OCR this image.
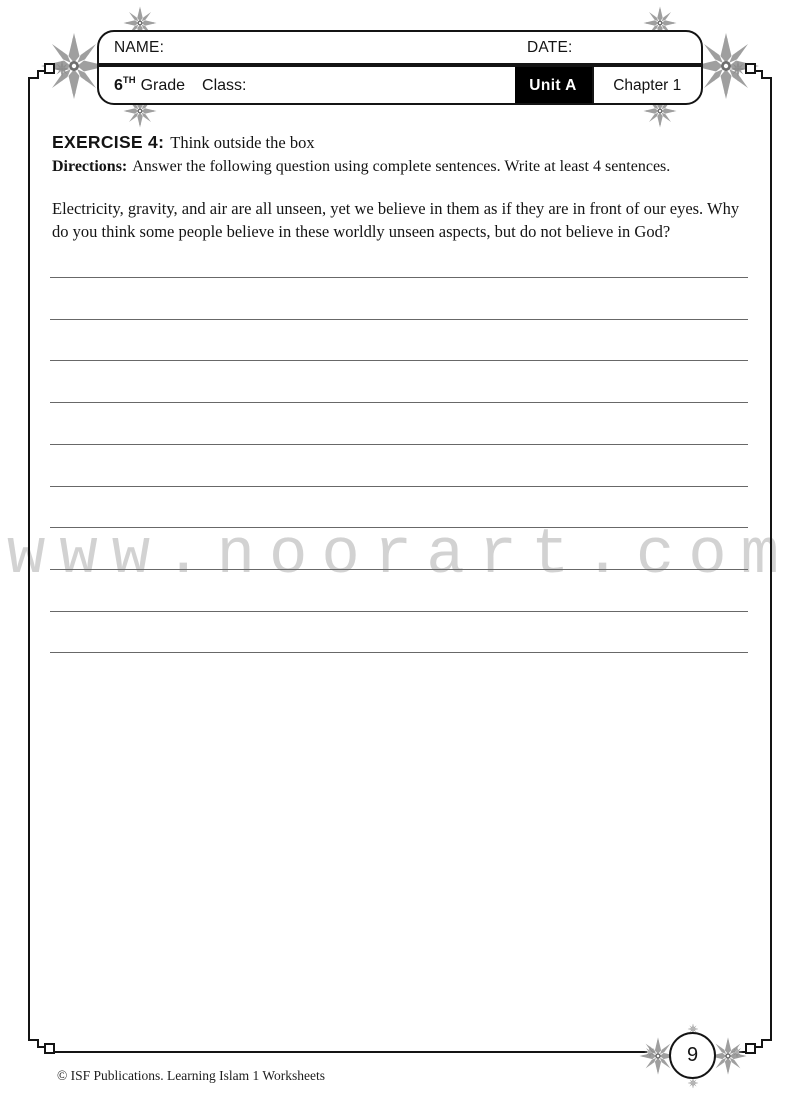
www.noorart.com
NAME:	DATE:
6 TH Grade Class:	Unit A	Chapter 1
EXERCISE 4: Think outside the box
Directions: Answer the following question using complete sentences. Write at least 4 sentences.
Electricity, gravity, and air are all unseen, yet we believe in them as if they are in front of our eyes. Why do you think some people believe in these worldly unseen aspects, but do not believe in God?
© ISF Publications. Learning Islam 1 Worksheets
9
